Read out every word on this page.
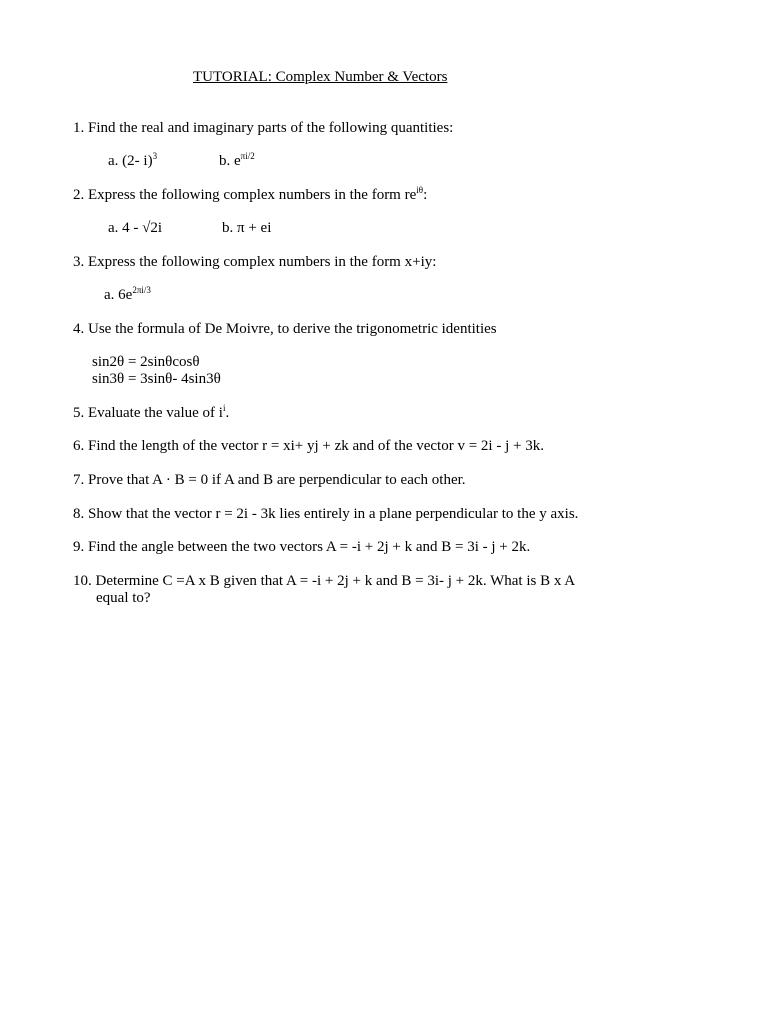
TUTORIAL: Complex Number & Vectors
1. Find the real and imaginary parts of the following quantities:
a. (2- i)$^3$	b. $e^{\pi i/2}$
2. Express the following complex numbers in the form $re^{i\theta}$:
a. 4 - √2i	b. π + ei
3. Express the following complex numbers in the form x+iy:
a. $6e^{2\pi i/3}$
4. Use the formula of De Moivre, to derive the trigonometric identities
sin2θ = 2sinθcosθ
sin3θ = 3sinθ- 4sin3θ
5. Evaluate the value of $i^i$.
6. Find the length of the vector r = xi+ yj + zk and of the vector v = 2i - j + 3k.
7. Prove that A · B = 0 if A and B are perpendicular to each other.
8. Show that the vector r = 2i - 3k lies entirely in a plane perpendicular to the y axis.
9. Find the angle between the two vectors A = -i + 2j + k and B = 3i - j + 2k.
10. Determine C =A x B given that A = -i + 2j + k and B = 3i- j + 2k. What is B x A
equal to?
